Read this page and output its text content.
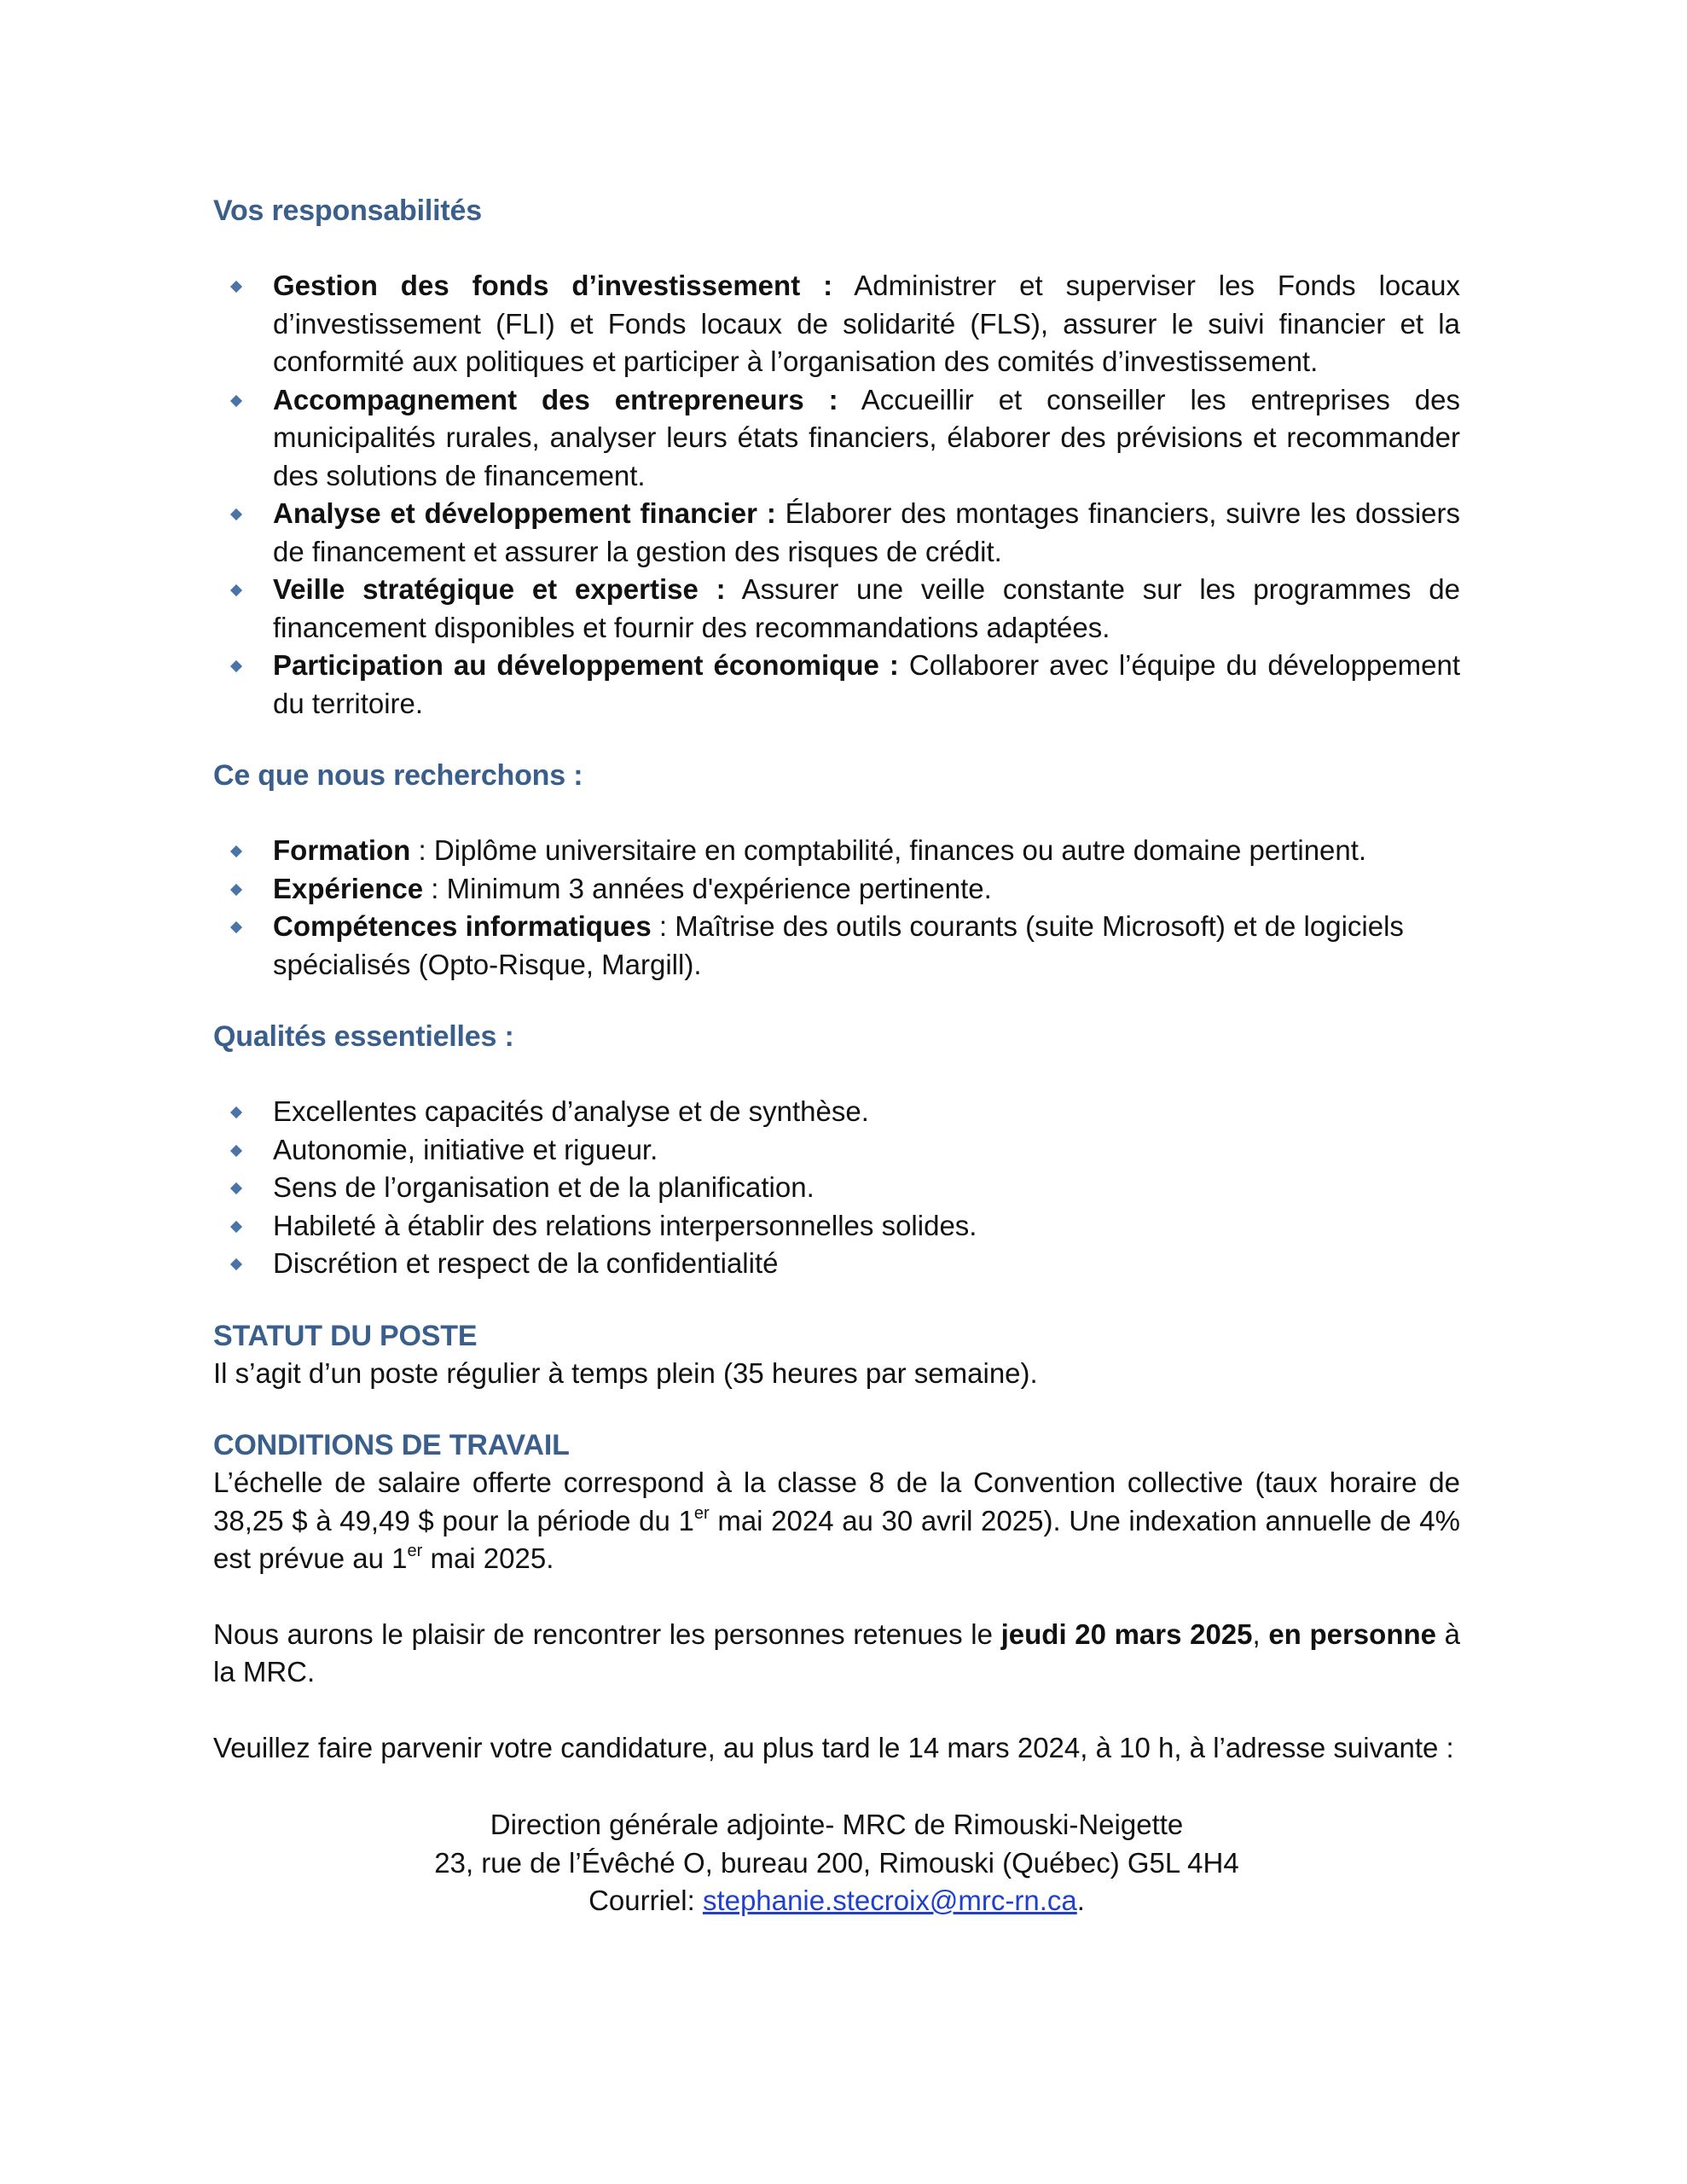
Vos responsabilités
Gestion des fonds d’investissement : Administrer et superviser les Fonds locaux d’investissement (FLI) et Fonds locaux de solidarité (FLS), assurer le suivi financier et la conformité aux politiques et participer à l’organisation des comités d’investissement.
Accompagnement des entrepreneurs : Accueillir et conseiller les entreprises des municipalités rurales, analyser leurs états financiers, élaborer des prévisions et recommander des solutions de financement.
Analyse et développement financier : Élaborer des montages financiers, suivre les dossiers de financement et assurer la gestion des risques de crédit.
Veille stratégique et expertise : Assurer une veille constante sur les programmes de financement disponibles et fournir des recommandations adaptées.
Participation au développement économique : Collaborer avec l’équipe du développement du territoire.
Ce que nous recherchons :
Formation : Diplôme universitaire en comptabilité, finances ou autre domaine pertinent.
Expérience : Minimum 3 années d'expérience pertinente.
Compétences informatiques : Maîtrise des outils courants (suite Microsoft) et de logiciels spécialisés (Opto-Risque, Margill).
Qualités essentielles :
Excellentes capacités d’analyse et de synthèse.
Autonomie, initiative et rigueur.
Sens de l’organisation et de la planification.
Habileté à établir des relations interpersonnelles solides.
Discrétion et respect de la confidentialité
STATUT DU POSTE

Il s’agit d’un poste régulier à temps plein (35 heures par semaine).

CONDITIONS DE TRAVAIL

L’échelle de salaire offerte correspond à la classe 8 de la Convention collective (taux horaire de 38,25 $ à 49,49 $ pour la période du 1er mai 2024 au 30 avril 2025). Une indexation annuelle de 4% est prévue au 1er mai 2025.

Nous aurons le plaisir de rencontrer les personnes retenues le jeudi 20 mars 2025, en personne à la MRC.

Veuillez faire parvenir votre candidature, au plus tard le 14 mars 2024, à 10 h, à l’adresse suivante :

Direction générale adjointe- MRC de Rimouski-Neigette
23, rue de l’Évêché O, bureau 200, Rimouski (Québec) G5L 4H4
Courriel: stephanie.stecroix@mrc-rn.ca.
